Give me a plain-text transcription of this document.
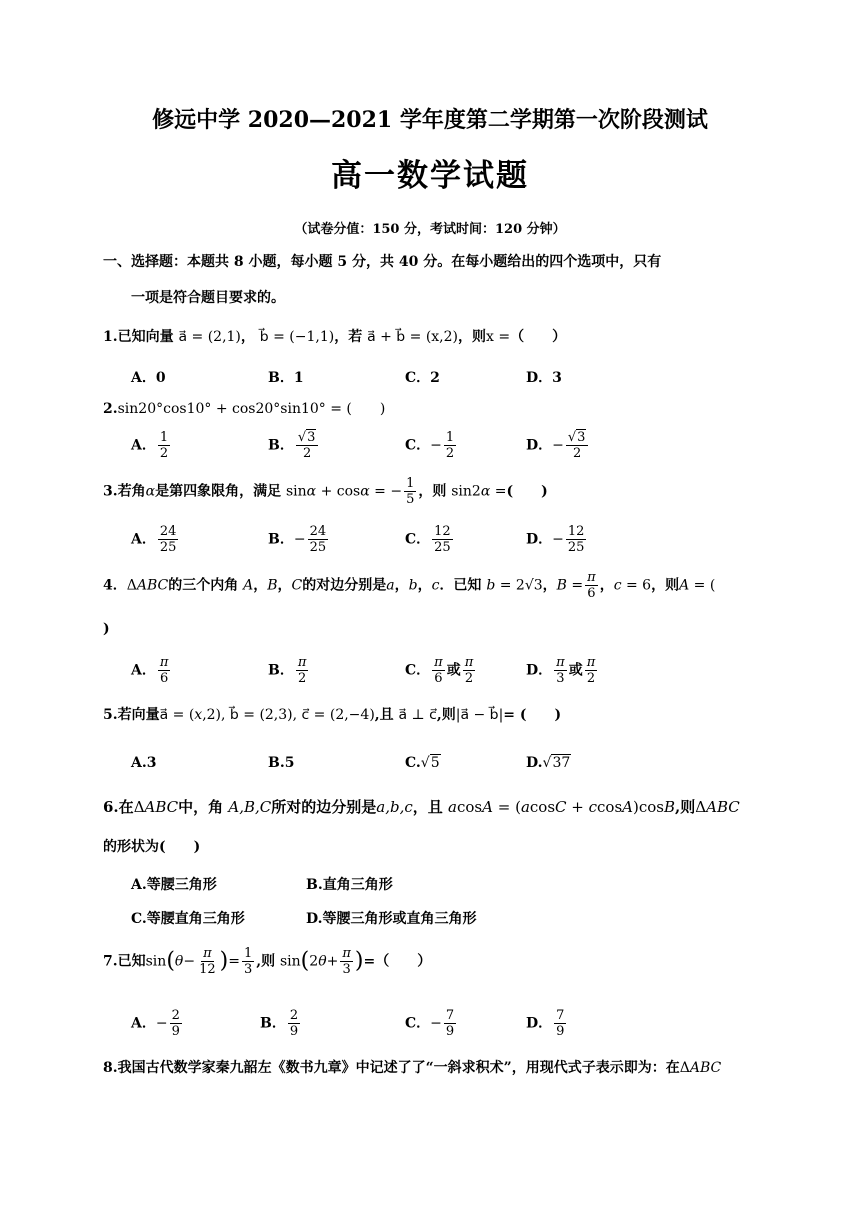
修远中学 2020—2021 学年度第二学期第一次阶段测试
高一数学试题
（试卷分值：150 分，考试时间：120 分钟）
一、选择题：本题共 8 小题，每小题 5 分，共 40 分。在每小题给出的四个选项中，只有
一项是符合题目要求的。
1.已知向量 a⃗ = (2,1)， b⃗ = (−1,1)，若 a⃗ + b⃗ = (x,2)，则x =（　　）
A．0	B．1	C．2	D．3
2.sin20°cos10° + cos20°sin10° = (　　)
A． $\frac{1}{2}$	B． $\frac{√3}{2}$	C．− $\frac{1}{2}$	D．− $\frac{√3}{2}$
3.若角α是第四象限角，满足 sinα + cosα = − $\frac{1}{5}$ ，则 sin2α =(　　)
A． $\frac{24}{25}$	B．− $\frac{24}{25}$	C． $\frac{12}{25}$	D．− $\frac{12}{25}$
4．ΔABC的三个内角 A，B，C的对边分别是a，b，c．已知 b = 2√3，$B = \frac{\pi}{6}$ ，c = 6，则A = (
)
A． $\frac{\pi}{6}$	B． $\frac{\pi}{2}$	C． $\frac{\pi}{6}$ 或 $\frac{\pi}{2}$	D． $\frac{\pi}{3}$ 或 $\frac{\pi}{2}$
5.若向量a⃗ = (x,2), b⃗ = (2,3), c⃗ = (2,−4),且 a⃗ ⊥ c⃗,则|a⃗ − b⃗|= (　　)
A.3	B.5	C.√5	D.√37
6.在ΔABC中，角 A,B,C所对的边分别是a,b,c，且 acosA = (acosC + ccosA)cosB,则ΔABC
的形状为(　　)
A.等腰三角形	B.直角三角形
C.等腰直角三角形	D.等腰三角形或直角三角形
7.已知$\sin(\theta- \frac{\pi}{12}$ )= $\frac{1}{3}$ ,则 $\sin(2\theta+ \frac{\pi}{3}$ )=（　　）
A．− $\frac{2}{9}$	B． $\frac{2}{9}$	C．− $\frac{7}{9}$	D． $\frac{7}{9}$
8.我国古代数学家秦九韶左《数书九章》中记述了了“一斜求积术”，用现代式子表示即为：在ΔABC
